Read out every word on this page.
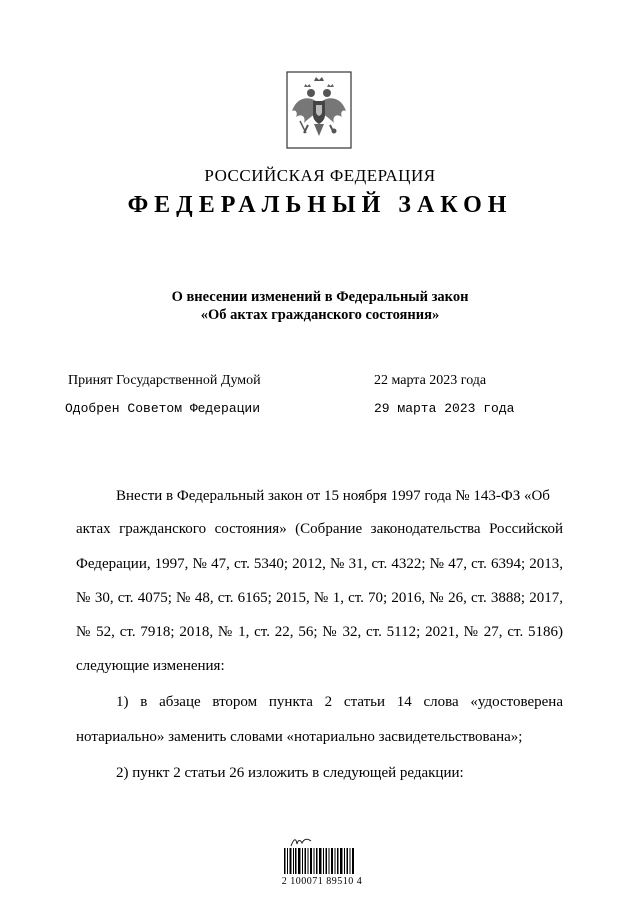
РОССИЙСКАЯ ФЕДЕРАЦИЯ
ФЕДЕРАЛЬНЫЙ ЗАКОН
О внесении изменений в Федеральный закон
«Об актах гражданского состояния»
Принят Государственной Думой	22 марта 2023 года
Одобрен Советом Федерации	29 марта 2023 года
Внести в Федеральный закон от 15 ноября 1997 года № 143-ФЗ «Об
актах гражданского состояния» (Собрание законодательства Российской
Федерации, 1997, № 47, ст. 5340; 2012, № 31, ст. 4322; № 47, ст. 6394; 2013,
№ 30, ст. 4075; № 48, ст. 6165; 2015, № 1, ст. 70; 2016, № 26, ст. 3888; 2017,
№ 52, ст. 7918; 2018, № 1, ст. 22, 56; № 32, ст. 5112; 2021, № 27, ст. 5186)
следующие изменения:
1) в абзаце втором пункта 2 статьи 14 слова «удостоверена
нотариально» заменить словами «нотариально засвидетельствована»;
2) пункт 2 статьи 26 изложить в следующей редакции:
2 100071 89510 4
